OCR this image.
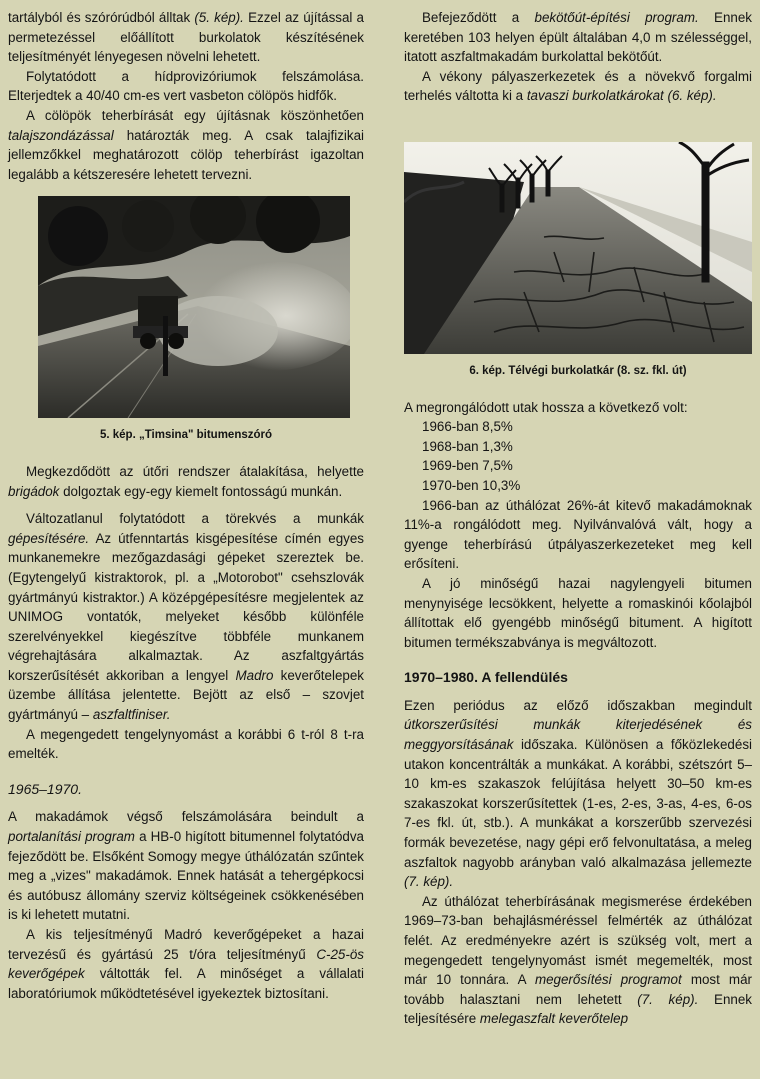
tartályból és szórórúdból álltak (5. kép). Ezzel az újítással a permetezéssel előállított burkolatok készítésének teljesítményét lényegesen növelni lehetett.

Folytatódott a hídprovizóriumok felszámolása. Elterjedtek a 40/40 cm-es vert vasbeton cölöpös hidfők.

A cölöpök teherbírását egy újításnak köszönhetően talajszondázással határozták meg. A csak talajfizikai jellemzőkkel meghatározott cölöp teherbírást igazoltan legalább a kétszeresére lehetett tervezni.

5. kép. „Timsina" bitumenszóró

Megkezdődött az útőri rendszer átalakítása, helyette brigádok dolgoztak egy-egy kiemelt fontosságú munkán.

Változatlanul folytatódott a törekvés a munkák gépesítésére. Az útfenntartás kisgépesítése címén egyes munkanemekre mezőgazdasági gépeket szereztek be. (Egytengelyű kistraktorok, pl. a „Motorobot" csehszlovák gyártmányú kistraktor.) A középgépesítésre megjelentek az UNIMOG vontatók, melyeket később különféle szerelvényekkel kiegészítve többféle munkanem végrehajtására alkalmaztak. Az aszfaltgyártás korszerűsítését akkoriban a lengyel Madro keverőtelepek üzembe állítása jelentette. Bejött az első – szovjet gyártmányú – aszfaltfiniser.

A megengedett tengelynyomást a korábbi 6 t-ról 8 t-ra emelték.

1965–1970.

A makadámok végső felszámolására beindult a portalanítási program a HB-0 higított bitumennel folytatódva fejeződött be. Elsőként Somogy megye úthálózatán szűntek meg a „vizes" makadámok. Ennek hatását a tehergépkocsi és autóbusz állomány szerviz költségeinek csökkenésében is ki lehetett mutatni.

A kis teljesítményű Madró keverőgépeket a hazai tervezésű és gyártású 25 t/óra teljesítményű C-25-ös keverőgépek váltották fel. A minőséget a vállalati laboratóriumok működtetésével igyekeztek biztosítani.

Befejeződött a bekötőút-építési program. Ennek keretében 103 helyen épült általában 4,0 m szélességgel, itatott aszfaltmakadám burkolattal bekötőút.

A vékony pályaszerkezetek és a növekvő forgalmi terhelés váltotta ki a tavaszi burkolatkárokat (6. kép).

6. kép. Télvégi burkolatkár (8. sz. fkl. út)

A megrongálódott utak hossza a következő volt:

1966-ban 8,5%

1968-ban 1,3%

1969-ben 7,5%

1970-ben 10,3%

1966-ban az úthálózat 26%-át kitevő makadámoknak 11%-a rongálódott meg. Nyilvánvalóvá vált, hogy a gyenge teherbírású útpályaszerkezeteket meg kell erősíteni.

A jó minőségű hazai nagylengyeli bitumen menynyisége lecsökkent, helyette a romaskinói kőolajból állítottak elő gyengébb minőségű bitument. A higított bitumen termékszabványa is megváltozott.

1970–1980. A fellendülés

Ezen periódus az előző időszakban megindult útkorszerűsítési munkák kiterjedésének és meggyorsításának időszaka. Különösen a főközlekedési utakon koncentrálták a munkákat. A korábbi, szétszórt 5–10 km-es szakaszok felújítása helyett 30–50 km-es szakaszokat korszerűsítettek (1-es, 2-es, 3-as, 4-es, 6-os 7-es fkl. út, stb.). A munkákat a korszerűbb szervezési formák bevezetése, nagy gépi erő felvonultatása, a meleg aszfaltok nagyobb arányban való alkalmazása jellemezte (7. kép).

Az úthálózat teherbírásának megismerése érdekében 1969–73-ban behajlásméréssel felmérték az úthálózat felét. Az eredményekre azért is szükség volt, mert a megengedett tengelynyomást ismét megemelték, most már 10 tonnára. A megerősítési programot most már tovább halasztani nem lehetett (7. kép). Ennek teljesítésére melegaszfalt keverőtelep
